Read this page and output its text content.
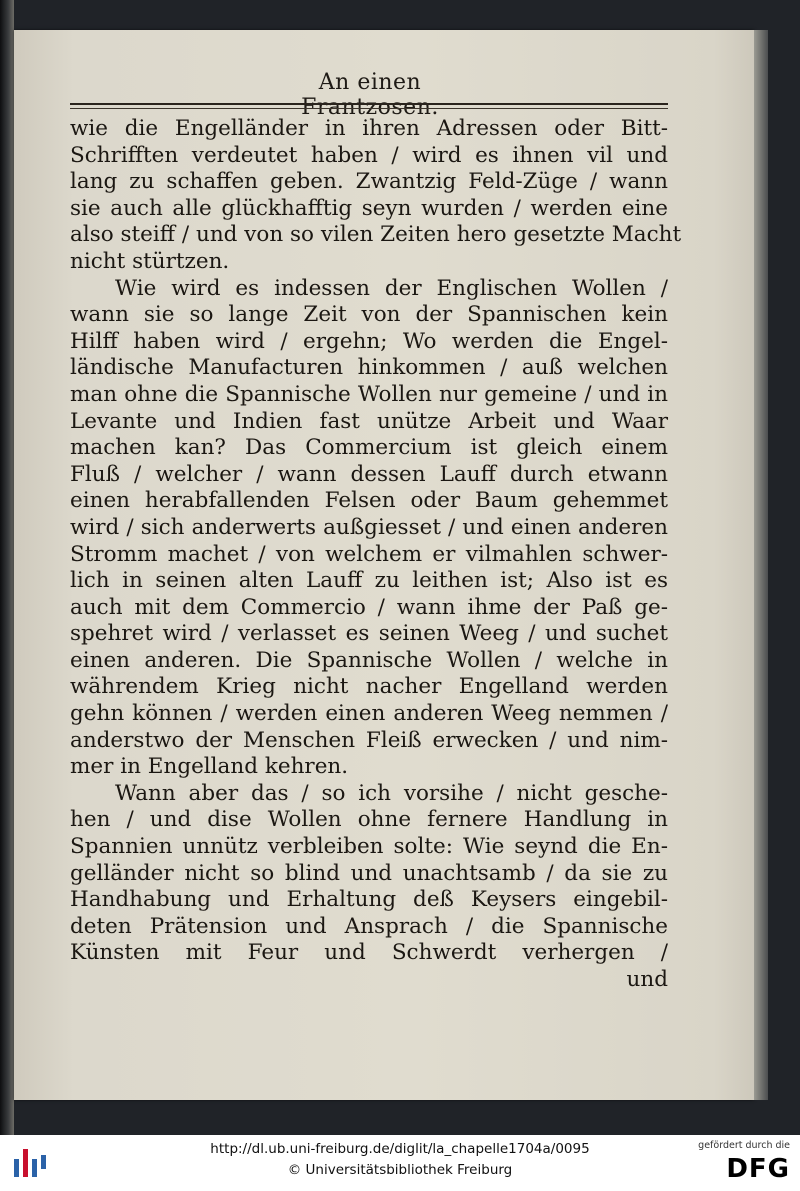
An einen
wie die Engelländer in ihren Adressen oder Bitt-
Schrifften verdeutet haben / wird es ihnen vil und
lang zu schaffen geben. Zwantzig Feld-Züge / wann
sie auch alle glückhafftig seyn wurden / werden eine
also steiff / und von so vilen Zeiten hero gesetzte Macht
nicht stürtzen.
Wie wird es indessen der Englischen Wollen /
wann sie so lange Zeit von der Spannischen kein
Hilff haben wird / ergehn; Wo werden die Engel-
ländische Manufacturen hinkommen / auß welchen
man ohne die Spannische Wollen nur gemeine / und in
Levante und Indien fast unütze Arbeit und Waar
machen kan? Das Commercium ist gleich einem
Fluß / welcher / wann dessen Lauff durch etwann
einen herabfallenden Felsen oder Baum gehemmet
wird / sich anderwerts außgiesset / und einen anderen
Stromm machet / von welchem er vilmahlen schwer-
lich in seinen alten Lauff zu leithen ist; Also ist es
auch mit dem Commercio / wann ihme der Paß ge-
spehret wird / verlasset es seinen Weeg / und suchet
einen anderen. Die Spannische Wollen / welche in
währendem Krieg nicht nacher Engelland werden
gehn können / werden einen anderen Weeg nemmen /
anderstwo der Menschen Fleiß erwecken / und nim-
mer in Engelland kehren.
Wann aber das / so ich vorsihe / nicht gesche-
hen / und dise Wollen ohne fernere Handlung in
Spannien unnütz verbleiben solte: Wie seynd die En-
gelländer nicht so blind und unachtsamb / da sie zu
Handhabung und Erhaltung deß Keysers eingebil-
deten Prätension und Ansprach / die Spannische
Künsten mit Feur und Schwerdt verhergen /
und
http://dl.ub.uni-freiburg.de/diglit/la_chapelle1704a/0095
© Universitätsbibliothek Freiburg
gefördert durch die
DFG
